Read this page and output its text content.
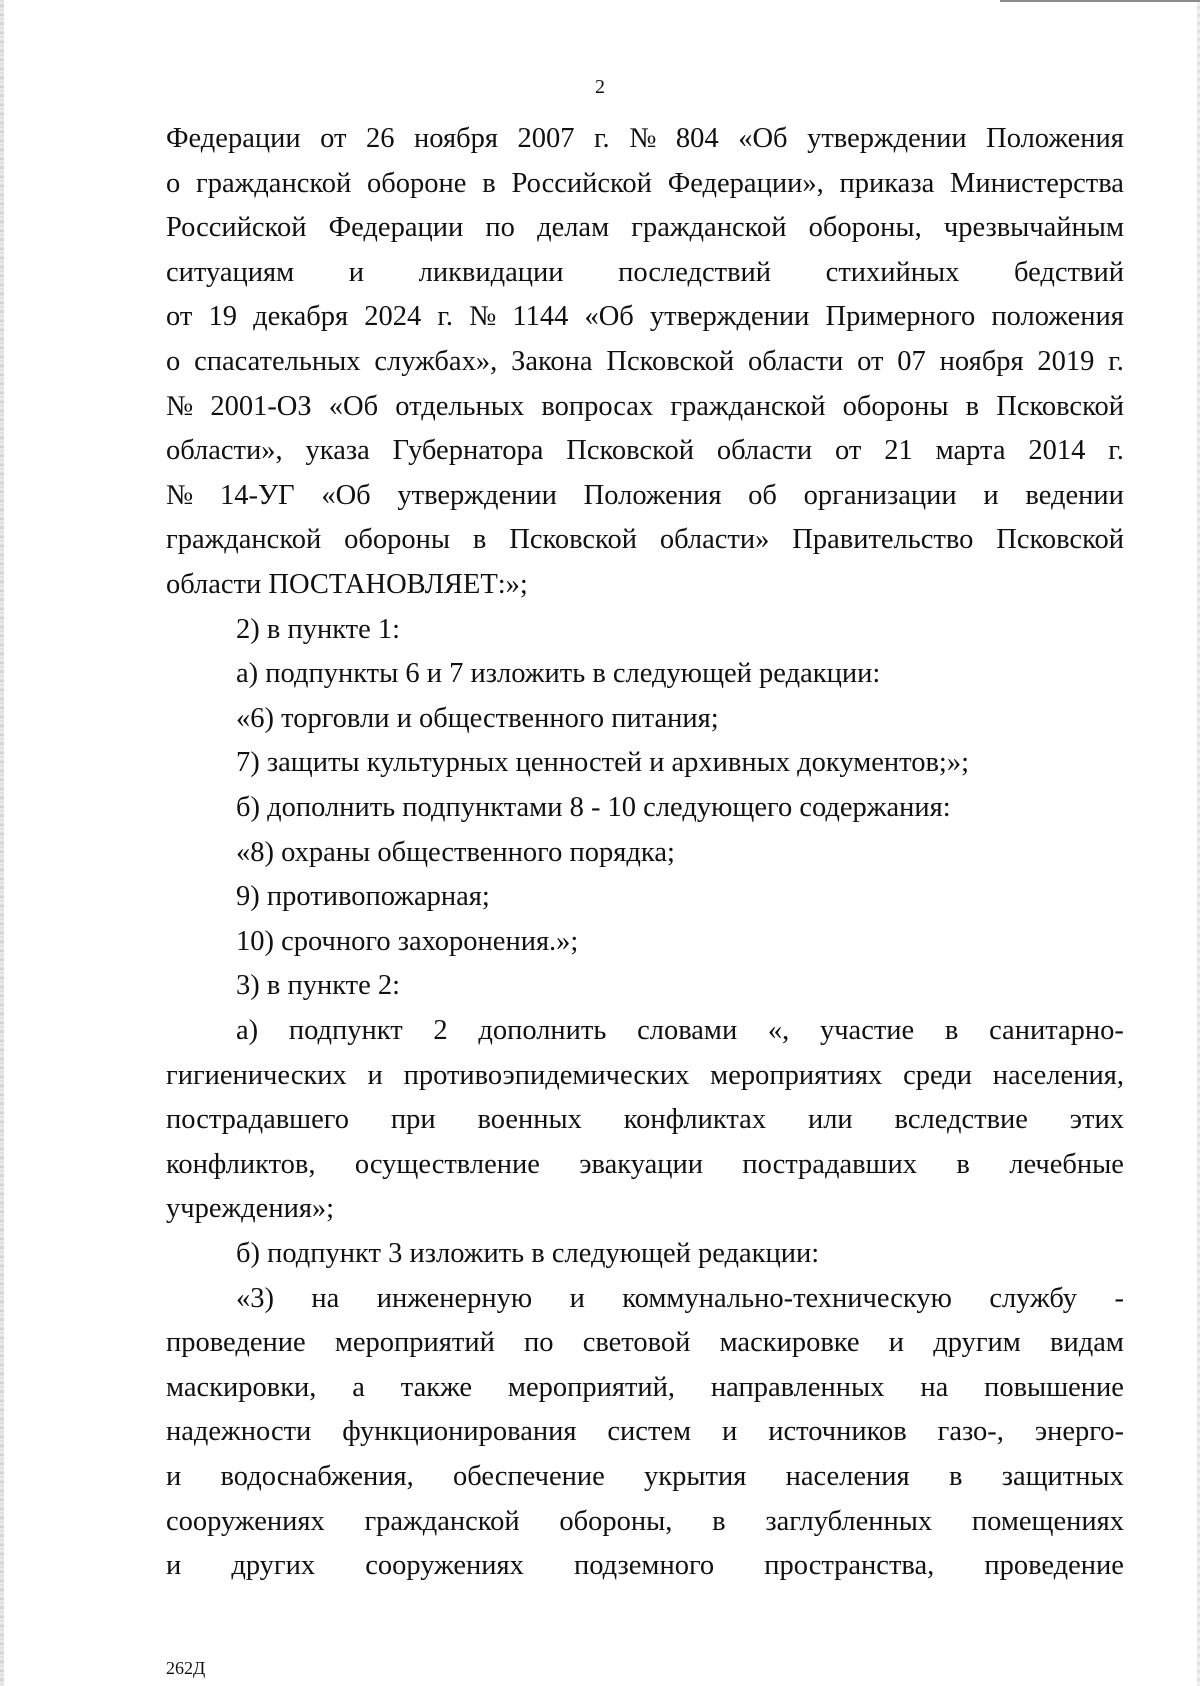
2
Федерации от 26 ноября 2007 г. № 804 «Об утверждении Положения
о гражданской обороне в Российской Федерации», приказа Министерства
Российской Федерации по делам гражданской обороны, чрезвычайным
ситуациям и ликвидации последствий стихийных бедствий
от 19 декабря 2024 г. № 1144 «Об утверждении Примерного положения
о спасательных службах», Закона Псковской области от 07 ноября 2019 г.
№ 2001-ОЗ «Об отдельных вопросах гражданской обороны в Псковской
области», указа Губернатора Псковской области от 21 марта 2014 г.
№ 14-УГ «Об утверждении Положения об организации и ведении
гражданской обороны в Псковской области» Правительство Псковской
области ПОСТАНОВЛЯЕТ:»;
2) в пункте 1:
а) подпункты 6 и 7 изложить в следующей редакции:
«6) торговли и общественного питания;
7) защиты культурных ценностей и архивных документов;»;
б) дополнить подпунктами 8 - 10 следующего содержания:
«8) охраны общественного порядка;
9) противопожарная;
10) срочного захоронения.»;
3) в пункте 2:
а) подпункт 2 дополнить словами «, участие в санитарно-
гигиенических и противоэпидемических мероприятиях среди населения,
пострадавшего при военных конфликтах или вследствие этих
конфликтов, осуществление эвакуации пострадавших в лечебные
учреждения»;
б) подпункт 3 изложить в следующей редакции:
«3) на инженерную и коммунально-техническую службу -
проведение мероприятий по световой маскировке и другим видам
маскировки, а также мероприятий, направленных на повышение
надежности функционирования систем и источников газо-, энерго-
и водоснабжения, обеспечение укрытия населения в защитных
сооружениях гражданской обороны, в заглубленных помещениях
и других сооружениях подземного пространства, проведение
262Д
